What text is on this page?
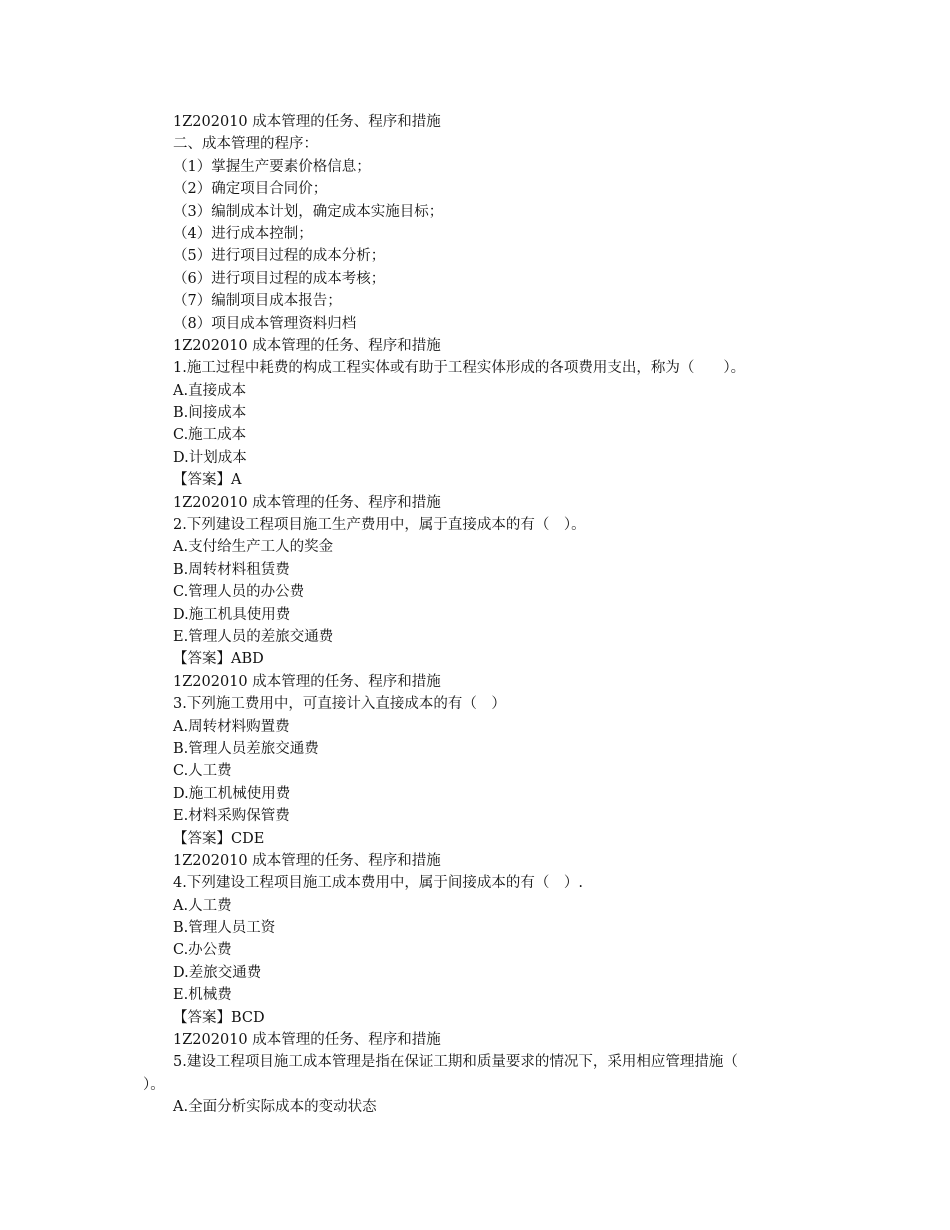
1Z202010 成本管理的任务、程序和措施
二、成本管理的程序：
（1）掌握生产要素价格信息；
（2）确定项目合同价；
（3）编制成本计划，确定成本实施目标；
（4）进行成本控制；
（5）进行项目过程的成本分析；
（6）进行项目过程的成本考核；
（7）编制项目成本报告；
（8）项目成本管理资料归档
1Z202010 成本管理的任务、程序和措施
1.施工过程中耗费的构成工程实体或有助于工程实体形成的各项费用支出，称为（　　）。
A.直接成本
B.间接成本
C.施工成本
D.计划成本
【答案】A
1Z202010 成本管理的任务、程序和措施
2.下列建设工程项目施工生产费用中，属于直接成本的有（　）。
A.支付给生产工人的奖金
B.周转材料租赁费
C.管理人员的办公费
D.施工机具使用费
E.管理人员的差旅交通费
【答案】ABD
1Z202010 成本管理的任务、程序和措施
3.下列施工费用中，可直接计入直接成本的有（　）
A.周转材料购置费
B.管理人员差旅交通费
C.人工费
D.施工机械使用费
E.材料采购保管费
【答案】CDE
1Z202010 成本管理的任务、程序和措施
4.下列建设工程项目施工成本费用中，属于间接成本的有（　）.
A.人工费
B.管理人员工资
C.办公费
D.差旅交通费
E.机械费
【答案】BCD
1Z202010 成本管理的任务、程序和措施
5.建设工程项目施工成本管理是指在保证工期和质量要求的情况下，采用相应管理措施（
）。
A.全面分析实际成本的变动状态
